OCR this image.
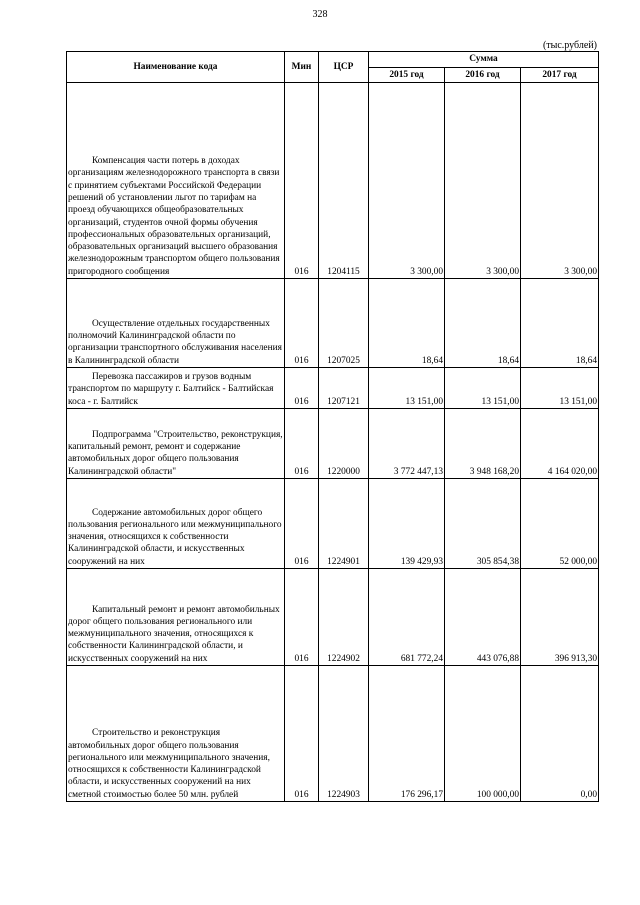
328
(тыс.рублей)
Наименование кода	Мин	ЦСР	Сумма		
			2015 год	2016 год	2017 год
Компенсация части потерь в доходах организациям железнодорожного транспорта в связи с принятием субъектами Российской Федерации решений об установлении льгот по тарифам на проезд обучающихся общеобразовательных организаций, студентов очной формы обучения профессиональных образовательных организаций, образовательных организаций высшего образования железнодорожным транспортом общего пользования пригородного сообщения	016	1204115	3 300,00	3 300,00	3 300,00
Осуществление отдельных государственных полномочий Калининградской области по организации транспортного обслуживания населения в Калининградской области	016	1207025	18,64	18,64	18,64
Перевозка пассажиров и грузов водным транспортом по маршруту г. Балтийск - Балтийская коса - г. Балтийск	016	1207121	13 151,00	13 151,00	13 151,00
Подпрограмма "Строительство, реконструкция, капитальный ремонт, ремонт и содержание автомобильных дорог общего пользования Калининградской области"	016	1220000	3 772 447,13	3 948 168,20	4 164 020,00
Содержание автомобильных дорог общего пользования регионального или межмуниципального значения, относящихся к собственности Калининградской области, и искусственных сооружений на них	016	1224901	139 429,93	305 854,38	52 000,00
Капитальный ремонт и ремонт автомобильных дорог общего пользования регионального или межмуниципального значения, относящихся к собственности Калининградской области, и искусственных сооружений на них	016	1224902	681 772,24	443 076,88	396 913,30
Строительство и реконструкция автомобильных дорог общего пользования регионального или межмуниципального значения, относящихся к собственности Калининградской области, и искусственных сооружений на них сметной стоимостью более 50 млн. рублей	016	1224903	176 296,17	100 000,00	0,00
